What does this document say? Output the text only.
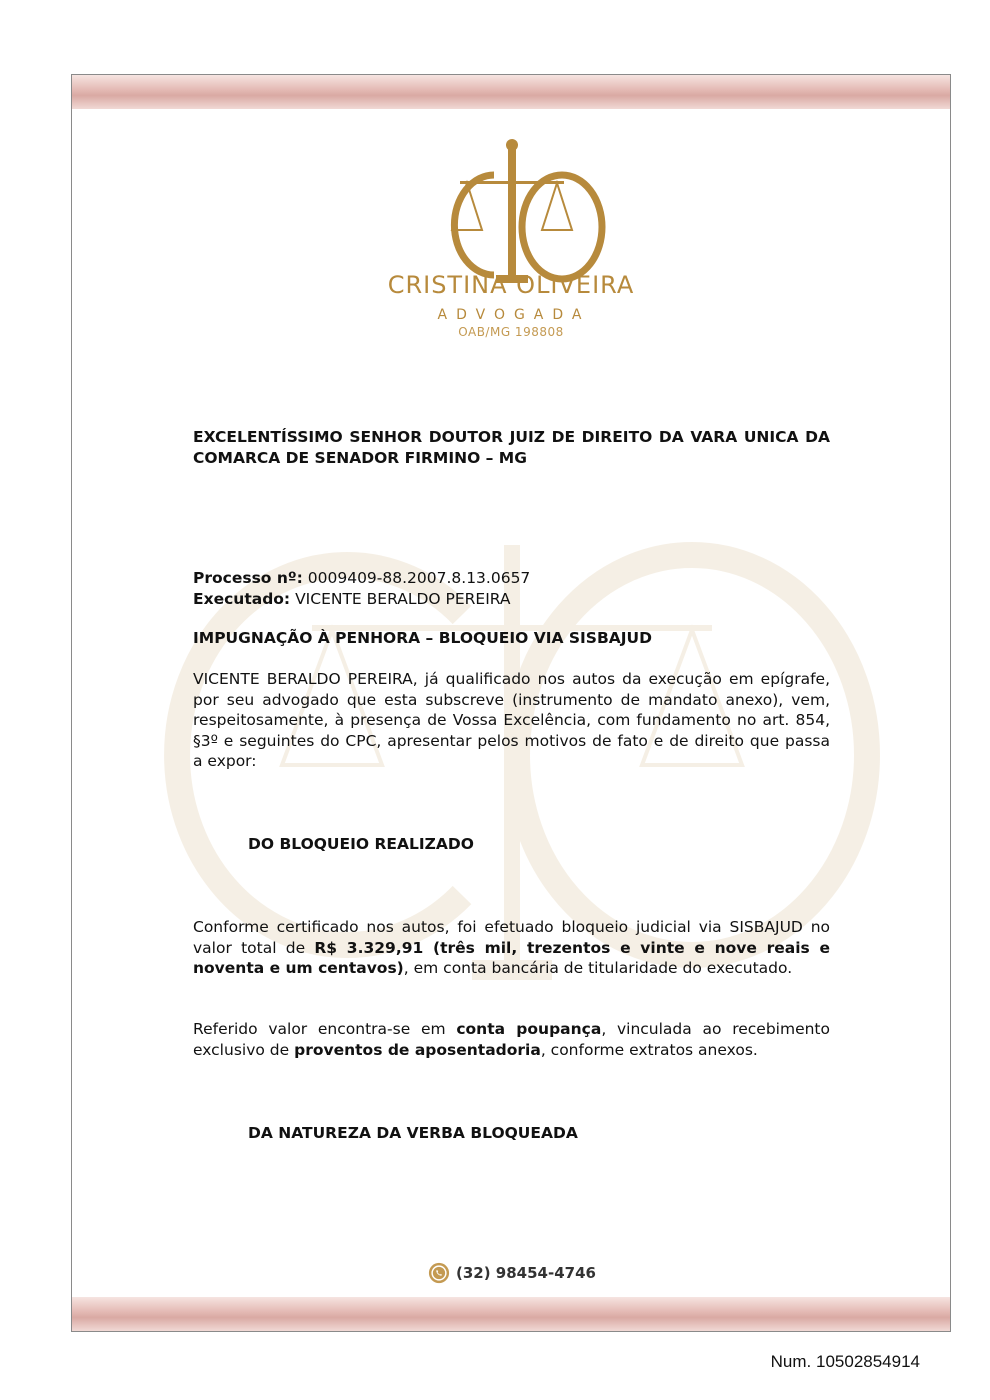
CRISTINA OLIVEIRA
ADVOGADA
OAB/MG 198808
EXCELENTÍSSIMO SENHOR DOUTOR JUIZ DE DIREITO DA VARA UNICA DA COMARCA DE SENADOR FIRMINO – MG
Processo nº: 0009409-88.2007.8.13.0657
Executado: VICENTE BERALDO PEREIRA
IMPUGNAÇÃO À PENHORA – BLOQUEIO VIA SISBAJUD
VICENTE BERALDO PEREIRA, já qualificado nos autos da execução em epígrafe, por seu advogado que esta subscreve (instrumento de mandato anexo), vem, respeitosamente, à presença de Vossa Excelência, com fundamento no art. 854, §3º e seguintes do CPC, apresentar pelos motivos de fato e de direito que passa a expor:
DO BLOQUEIO REALIZADO
Conforme certificado nos autos, foi efetuado bloqueio judicial via SISBAJUD no valor total de R$ 3.329,91 (três mil, trezentos e vinte e nove reais e noventa e um centavos), em conta bancária de titularidade do executado.
Referido valor encontra-se em conta poupança, vinculada ao recebimento exclusivo de proventos de aposentadoria, conforme extratos anexos.
DA NATUREZA DA VERBA BLOQUEADA
(32) 98454-4746
Num. 10502854914
